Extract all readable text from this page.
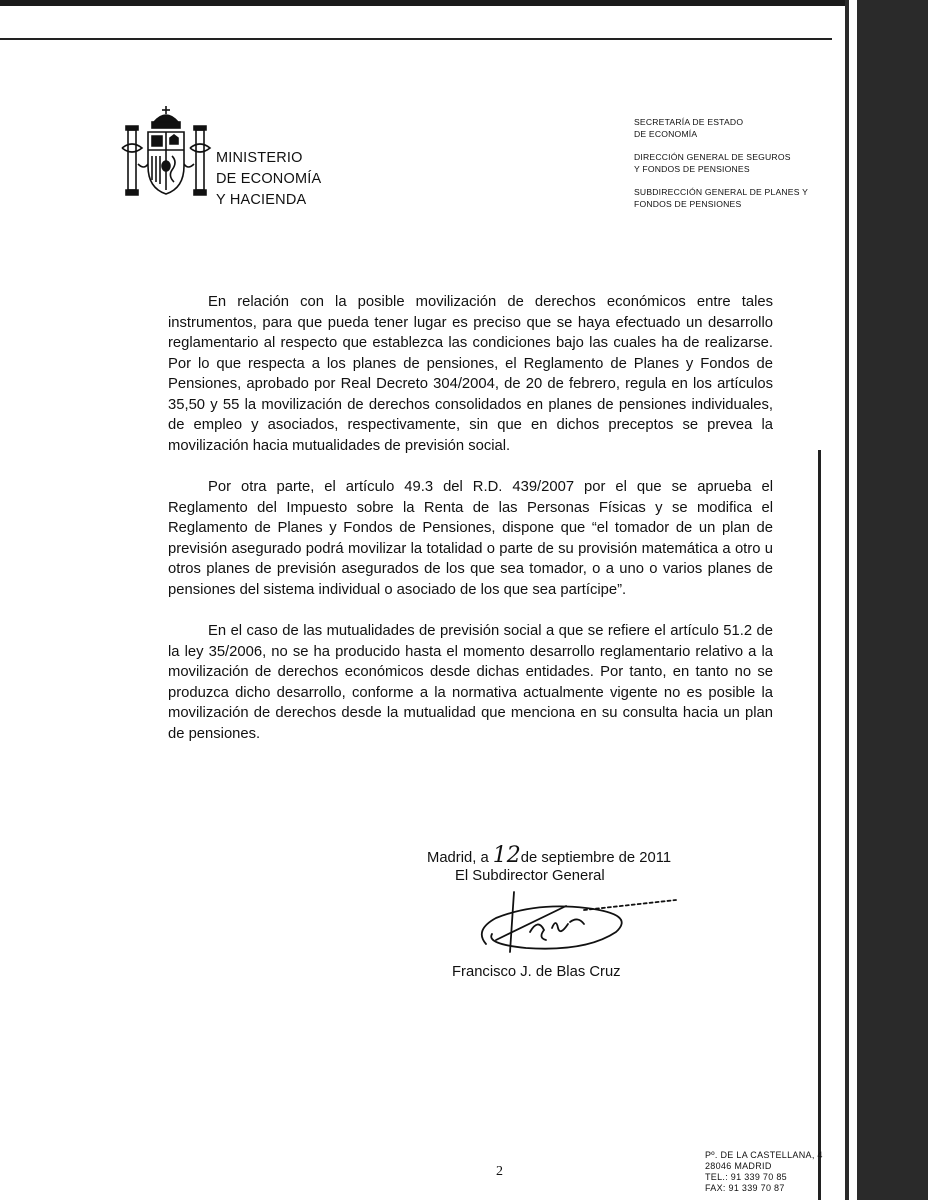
MINISTERIO
DE ECONOMÍA
Y HACIENDA
SECRETARÍA DE ESTADO
DE ECONOMÍA
DIRECCIÓN GENERAL DE SEGUROS
Y FONDOS DE PENSIONES
SUBDIRECCIÓN GENERAL DE PLANES Y
FONDOS DE PENSIONES

En relación con la posible movilización de derechos económicos entre tales instrumentos, para que pueda tener lugar es preciso que se haya efectuado un desarrollo reglamentario al respecto que establezca las condiciones bajo las cuales ha de realizarse. Por lo que respecta a los planes de pensiones, el Reglamento de Planes y Fondos de Pensiones, aprobado por Real Decreto 304/2004, de 20 de febrero, regula en los artículos 35,50 y 55 la movilización de derechos consolidados en planes de pensiones individuales, de empleo y asociados, respectivamente, sin que en dichos preceptos se prevea la movilización hacia mutualidades de previsión social.

Por otra parte, el artículo 49.3 del R.D. 439/2007 por el que se aprueba el Reglamento del Impuesto sobre la Renta de las Personas Físicas y se modifica el Reglamento de Planes y Fondos de Pensiones, dispone que “el tomador de un plan de previsión asegurado podrá movilizar la totalidad o parte de su provisión matemática a otro u otros planes de previsión asegurados de los que sea tomador, o a uno o varios planes de pensiones del sistema individual o asociado de los que sea partícipe”.

En el caso de las mutualidades de previsión social a que se refiere el artículo 51.2 de la ley 35/2006, no se ha producido hasta el momento desarrollo reglamentario relativo a la movilización de derechos económicos desde dichas entidades. Por tanto, en tanto no se produzca dicho desarrollo, conforme a la normativa actualmente vigente no es posible la movilización de derechos desde la mutualidad que menciona en su consulta hacia un plan de pensiones.

Madrid, a 12de septiembre de 2011
El Subdirector General
Francisco J. de Blas Cruz
2
Pº. DE LA CASTELLANA, 4
28046 MADRID
TEL.: 91 339 70 85
FAX: 91 339 70 87
